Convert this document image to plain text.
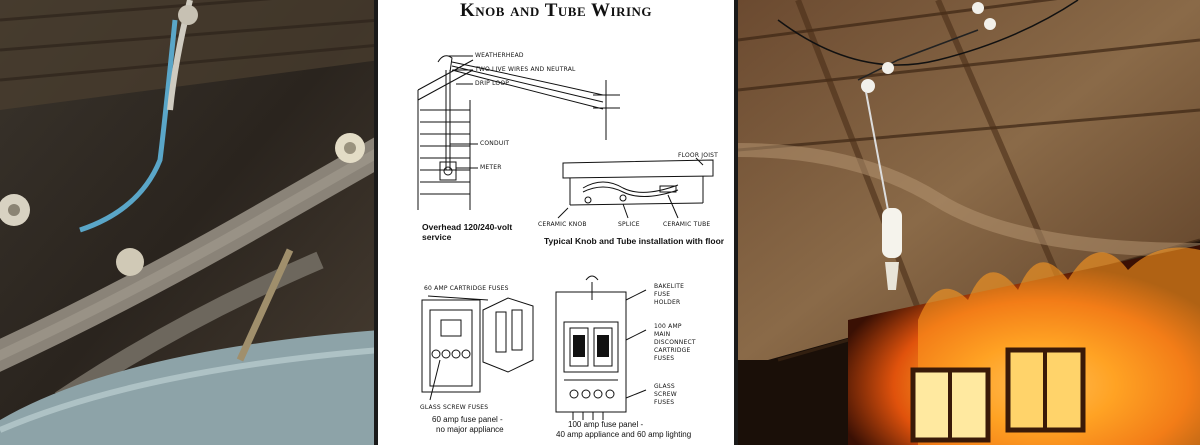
Knob and Tube Wiring
WEATHERHEAD
TWO LIVE WIRES AND NEUTRAL
DRIP LOOP
CONDUIT
METER
Overhead 120/240-volt
service
FLOOR JOIST
CERAMIC KNOB	SPLICE	CERAMIC TUBE
Typical Knob and Tube installation with floor
60 AMP CARTRIDGE FUSES
GLASS SCREW FUSES
60 amp fuse panel -
no major appliance
BAKELITE
FUSE
HOLDER
100 AMP
MAIN
DISCONNECT
CARTRIDGE
FUSES
GLASS
SCREW
FUSES
100 amp fuse panel -
40 amp appliance and 60 amp lighting
